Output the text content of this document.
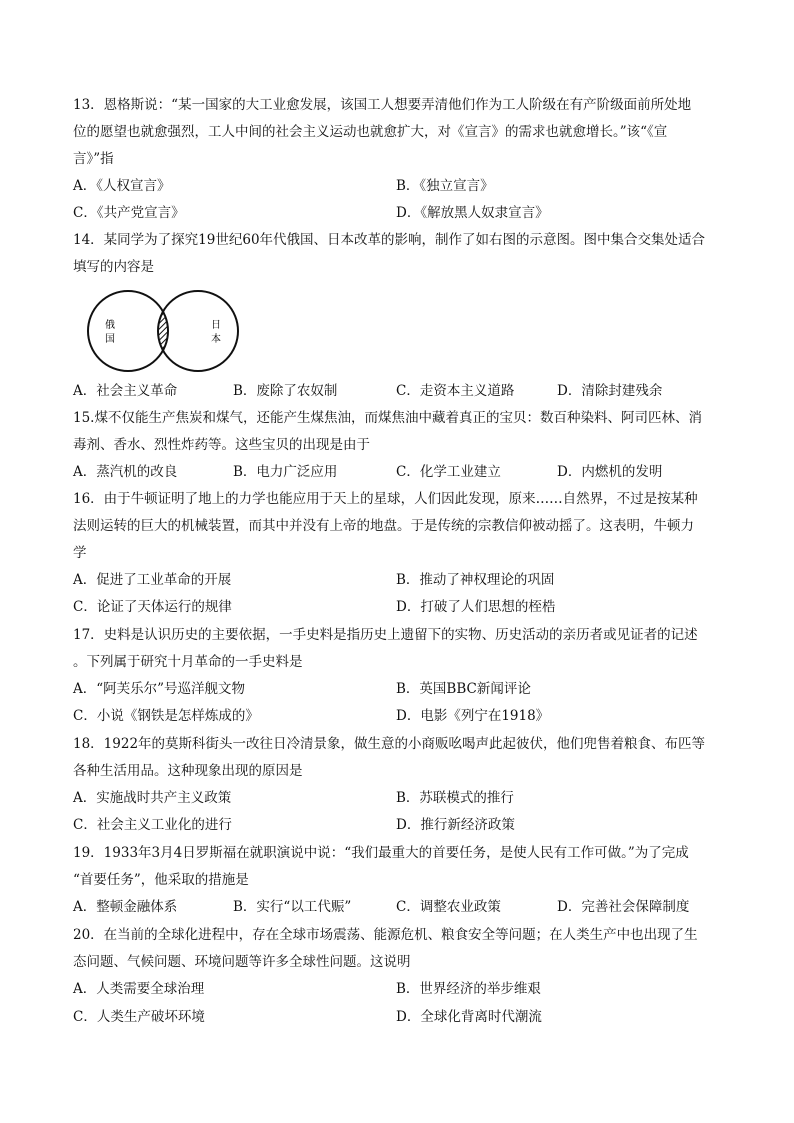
13．恩格斯说：“某一国家的大工业愈发展，该国工人想要弄清他们作为工人阶级在有产阶级面前所处地
位的愿望也就愈强烈，工人中间的社会主义运动也就愈扩大，对《宣言》的需求也就愈增长。”该“《宣
言》”指
A．《人权宣言》	B．《独立宣言》
C．《共产党宣言》	D．《解放黑人奴隶宣言》
14．某同学为了探究19世纪60年代俄国、日本改革的影响，制作了如右图的示意图。图中集合交集处适合
填写的内容是
俄
国
日
本
A．社会主义革命	B．废除了农奴制	C．走资本主义道路	D．清除封建残余
15.煤不仅能生产焦炭和煤气，还能产生煤焦油，而煤焦油中藏着真正的宝贝：数百种染料、阿司匹林、消
毒剂、香水、烈性炸药等。这些宝贝的出现是由于
A．蒸汽机的改良	B．电力广泛应用	C．化学工业建立	D．内燃机的发明
16．由于牛顿证明了地上的力学也能应用于天上的星球，人们因此发现，原来……自然界，不过是按某种
法则运转的巨大的机械装置，而其中并没有上帝的地盘。于是传统的宗教信仰被动摇了。这表明，牛顿力
学
A．促进了工业革命的开展	B．推动了神权理论的巩固
C．论证了天体运行的规律	D．打破了人们思想的桎梏
17．史料是认识历史的主要依据，一手史料是指历史上遗留下的实物、历史活动的亲历者或见证者的记述
。下列属于研究十月革命的一手史料是
A．“阿芙乐尔”号巡洋舰文物	B．英国BBC新闻评论
C．小说《钢铁是怎样炼成的》	D．电影《列宁在1918》
18．1922年的莫斯科街头一改往日冷清景象，做生意的小商贩吆喝声此起彼伏，他们兜售着粮食、布匹等
各种生活用品。这种现象出现的原因是
A．实施战时共产主义政策	B．苏联模式的推行
C．社会主义工业化的进行	D．推行新经济政策
19．1933年3月4日罗斯福在就职演说中说：“我们最重大的首要任务，是使人民有工作可做。”为了完成
“首要任务”，他采取的措施是
A．整顿金融体系	B．实行“以工代赈”	C．调整农业政策	D．完善社会保障制度
20．在当前的全球化进程中，存在全球市场震荡、能源危机、粮食安全等问题；在人类生产中也出现了生
态问题、气候问题、环境问题等许多全球性问题。这说明
A．人类需要全球治理	B．世界经济的举步维艰
C．人类生产破坏环境	D．全球化背离时代潮流
